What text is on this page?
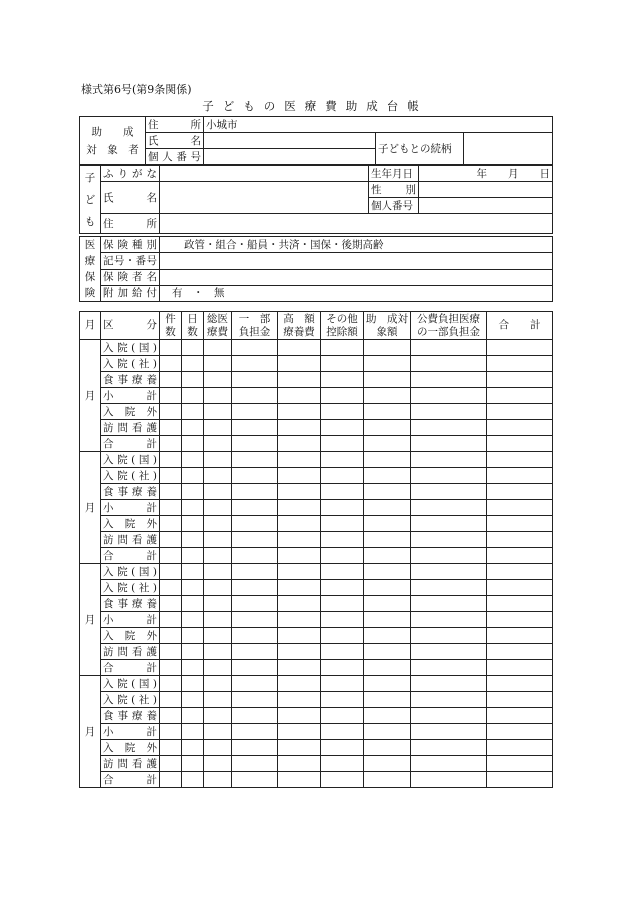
様式第6号(第9条関係)
子どもの医療費助成台帳
助　　成
対　象　者	住　　所	小城市		
	氏　　名		子どもとの続柄	
	個人番号			
子
ど
も	ふりがな		生年月日	年　　月　　日
	氏　　名		性　　別	
			個人番号	
	住　　所			
医
療
保
険	保険種別	政管・組合・船員・共済・国保・後期高齢
	記号・番号	
	保険者名	
	附加給付	有　・　無
月	区　　分	件数	日数	総医療費	一　部負担金	高　額療養費	その他控除額	助　成対象額	公費負担医療の一部負担金	合　　計
月	入院(国)									
	入院(社)									
	食事療養									
	小　　計									
	入　院　外									
	訪問看護									
	合　　計									
月	入院(国)									
	入院(社)									
	食事療養									
	小　　計									
	入　院　外									
	訪問看護									
	合　　計									
月	入院(国)									
	入院(社)									
	食事療養									
	小　　計									
	入　院　外									
	訪問看護									
	合　　計									
月	入院(国)									
	入院(社)									
	食事療養									
	小　　計									
	入　院　外									
	訪問看護									
	合　　計									
